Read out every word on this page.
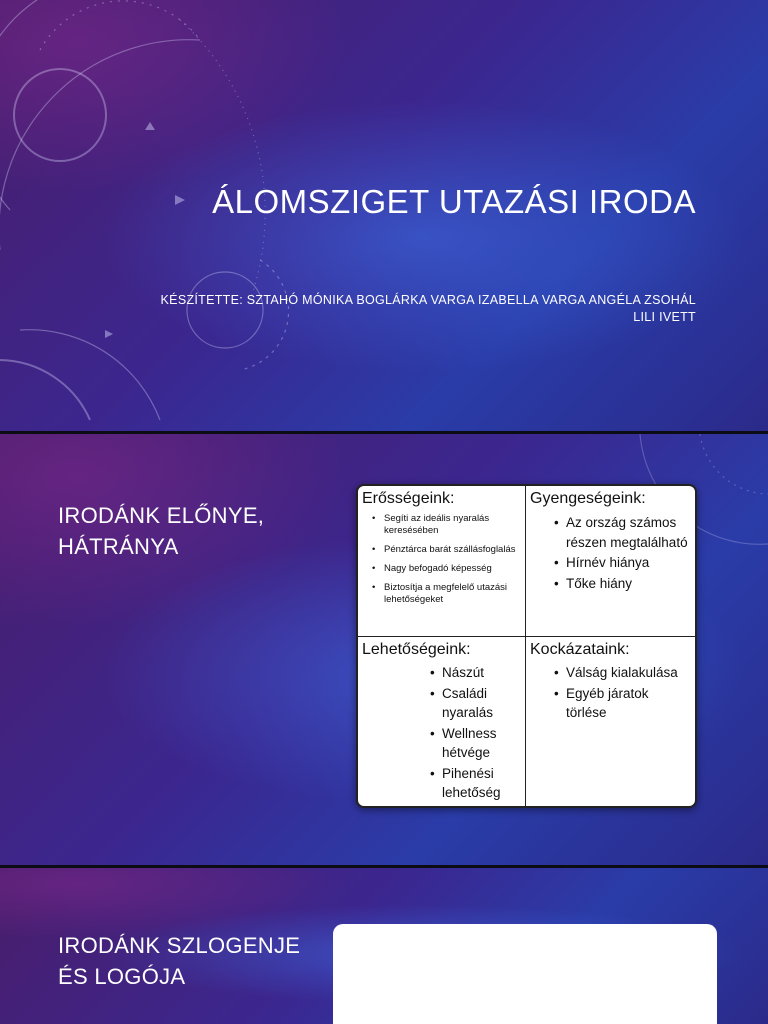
ÁLOMSZIGET UTAZÁSI IRODA
KÉSZÍTETTE: SZTAHÓ MÓNIKA BOGLÁRKA VARGA IZABELLA VARGA ANGÉLA ZSOHÁL LILI IVETT
IRODÁNK ELŐNYE,
HÁTRÁNYA
Erősségeink:
• Segíti az ideális nyaralás keresésében
• Pénztárca barát szállásfoglalás
• Nagy befogadó képesség
• Biztosítja a megfelelő utazási lehetőségeket
Gyengeségeink:
• Az ország számos részen megtalálható
• Hírnév hiánya
• Tőke hiány
Lehetőségeink:
• Nászút
• Családi nyaralás
• Wellness hétvége
• Pihenési lehetőség
Kockázataink:
• Válság kialakulása
• Egyéb járatok törlése
IRODÁNK SZLOGENJE
ÉS LOGÓJA
